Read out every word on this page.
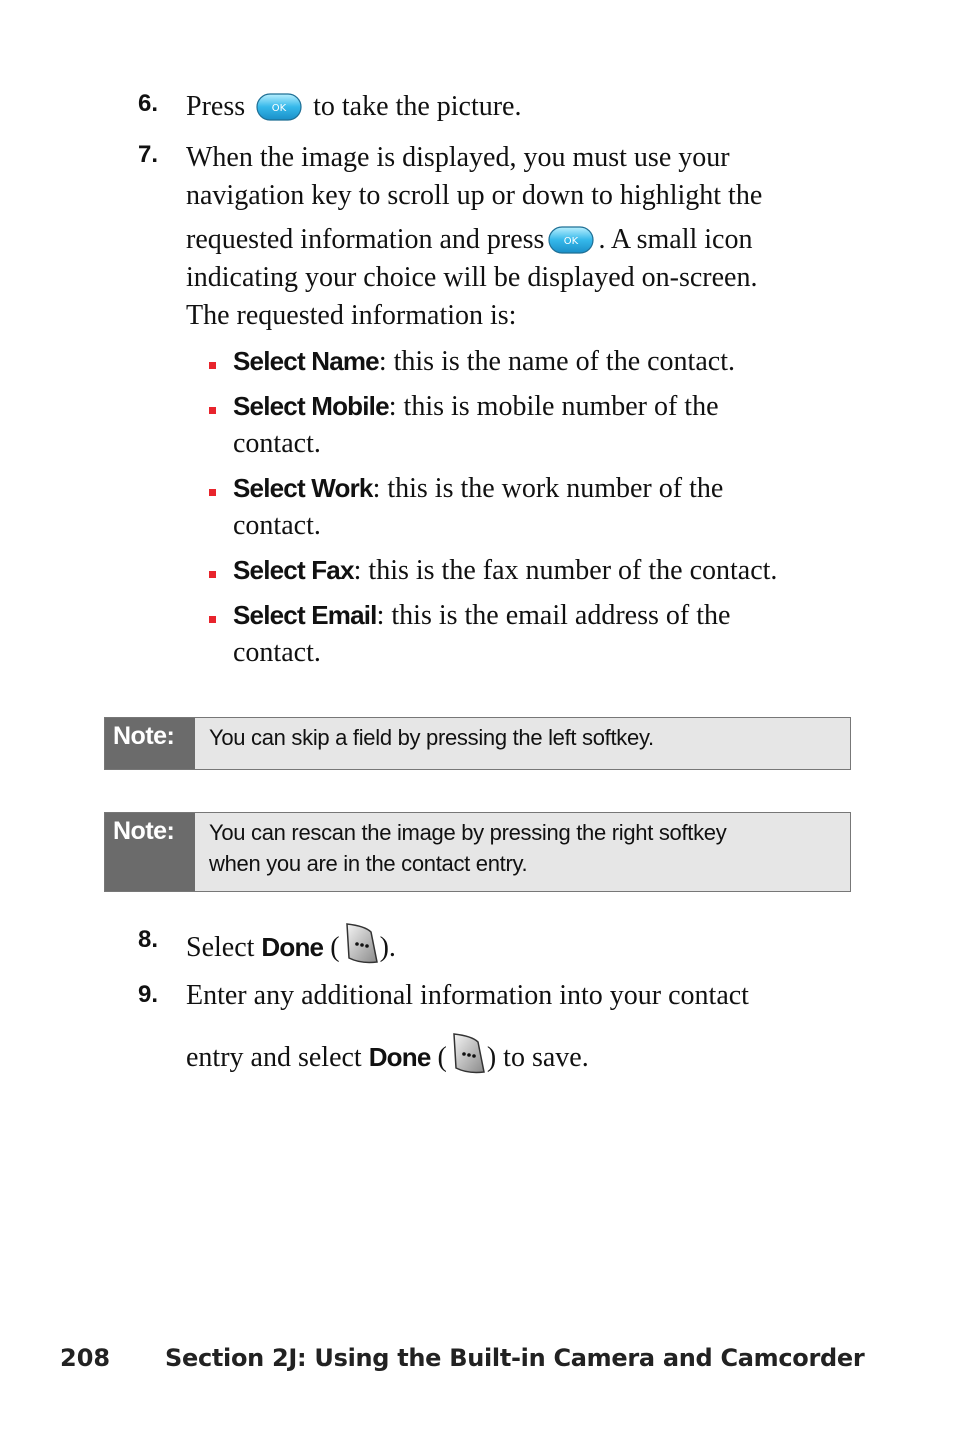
6. Press	OK to take the picture.
7. When the image is displayed, you must use your
navigation key to scroll up or down to highlight the
requested information and press OK . A small icon
indicating your choice will be displayed on-screen.
The requested information is:
Select Name: this is the name of the contact.
Select Mobile: this is mobile number of the
contact.
Select Work: this is the work number of the
contact.
Select Fax: this is the fax number of the contact.
Select Email: this is the email address of the
contact.
Note:	You can skip a field by pressing the left softkey.
Note:	You can rescan the image by pressing the right softkey
when you are in the contact entry.
8. Select Done ( ).
9. Enter any additional information into your contact
entry and select Done ( ) to save.
208 Section 2J: Using the Built-in Camera and Camcorder
